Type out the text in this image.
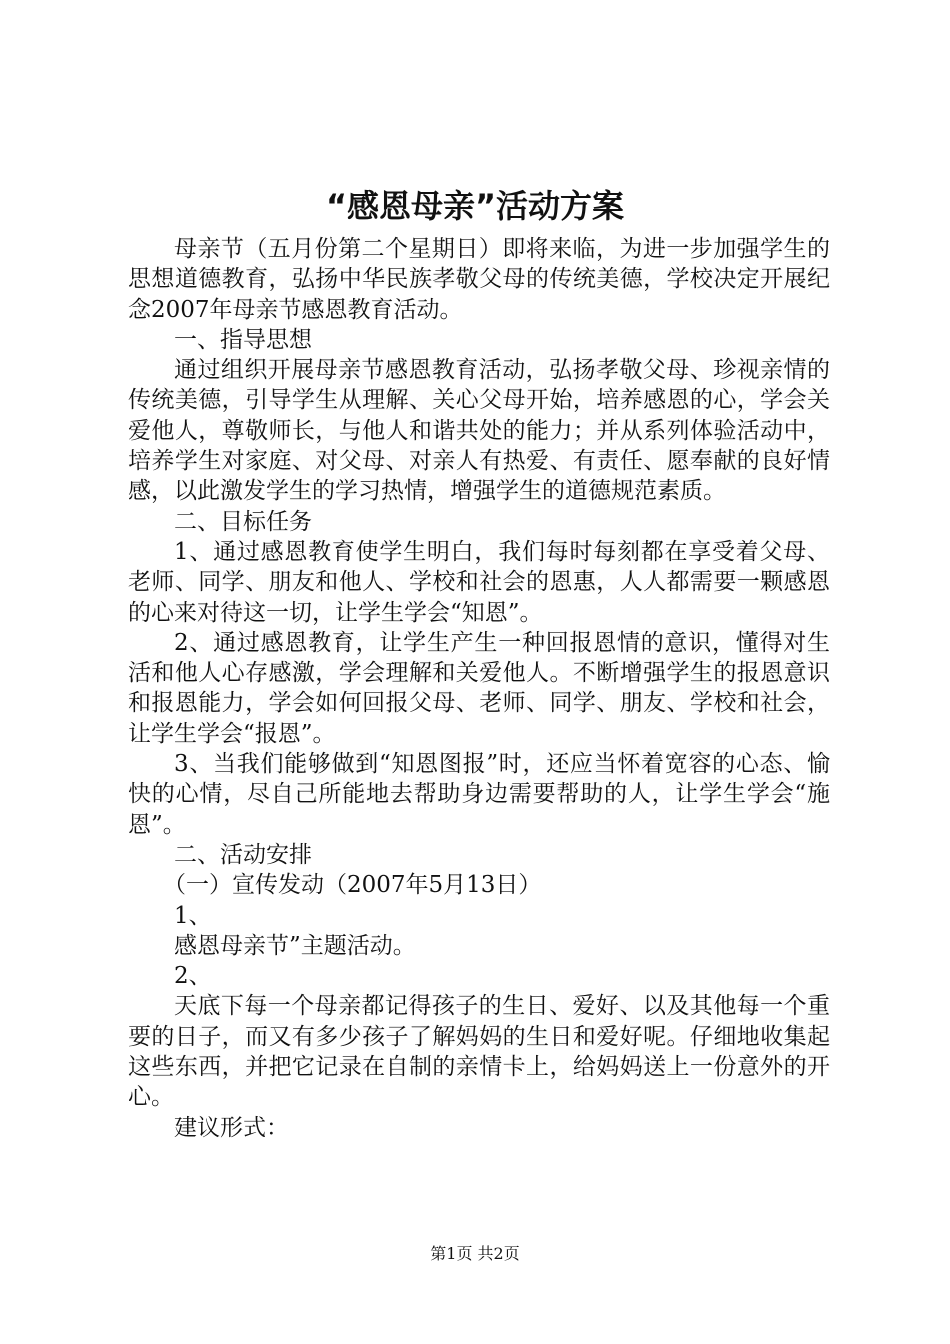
“感恩母亲”活动方案

母亲节（五月份第二个星期日）即将来临，为进一步加强学生的思想道德教育，弘扬中华民族孝敬父母的传统美德，学校决定开展纪念2007年母亲节感恩教育活动。

一、指导思想

通过组织开展母亲节感恩教育活动，弘扬孝敬父母、珍视亲情的传统美德，引导学生从理解、关心父母开始，培养感恩的心，学会关爱他人，尊敬师长，与他人和谐共处的能力；并从系列体验活动中，培养学生对家庭、对父母、对亲人有热爱、有责任、愿奉献的良好情感，以此激发学生的学习热情，增强学生的道德规范素质。

二、目标任务

1、通过感恩教育使学生明白，我们每时每刻都在享受着父母、老师、同学、朋友和他人、学校和社会的恩惠，人人都需要一颗感恩的心来对待这一切，让学生学会“知恩”。

2、通过感恩教育，让学生产生一种回报恩情的意识，懂得对生活和他人心存感激，学会理解和关爱他人。不断增强学生的报恩意识和报恩能力，学会如何回报父母、老师、同学、朋友、学校和社会，让学生学会“报恩”。

3、当我们能够做到“知恩图报”时，还应当怀着宽容的心态、愉快的心情，尽自己所能地去帮助身边需要帮助的人，让学生学会“施恩”。

二、活动安排

（一）宣传发动（2007年5月13日）

1、

感恩母亲节”主题活动。

2、

天底下每一个母亲都记得孩子的生日、爱好、以及其他每一个重要的日子，而又有多少孩子了解妈妈的生日和爱好呢。仔细地收集起这些东西，并把它记录在自制的亲情卡上，给妈妈送上一份意外的开心。

建议形式：

第1页 共2页
